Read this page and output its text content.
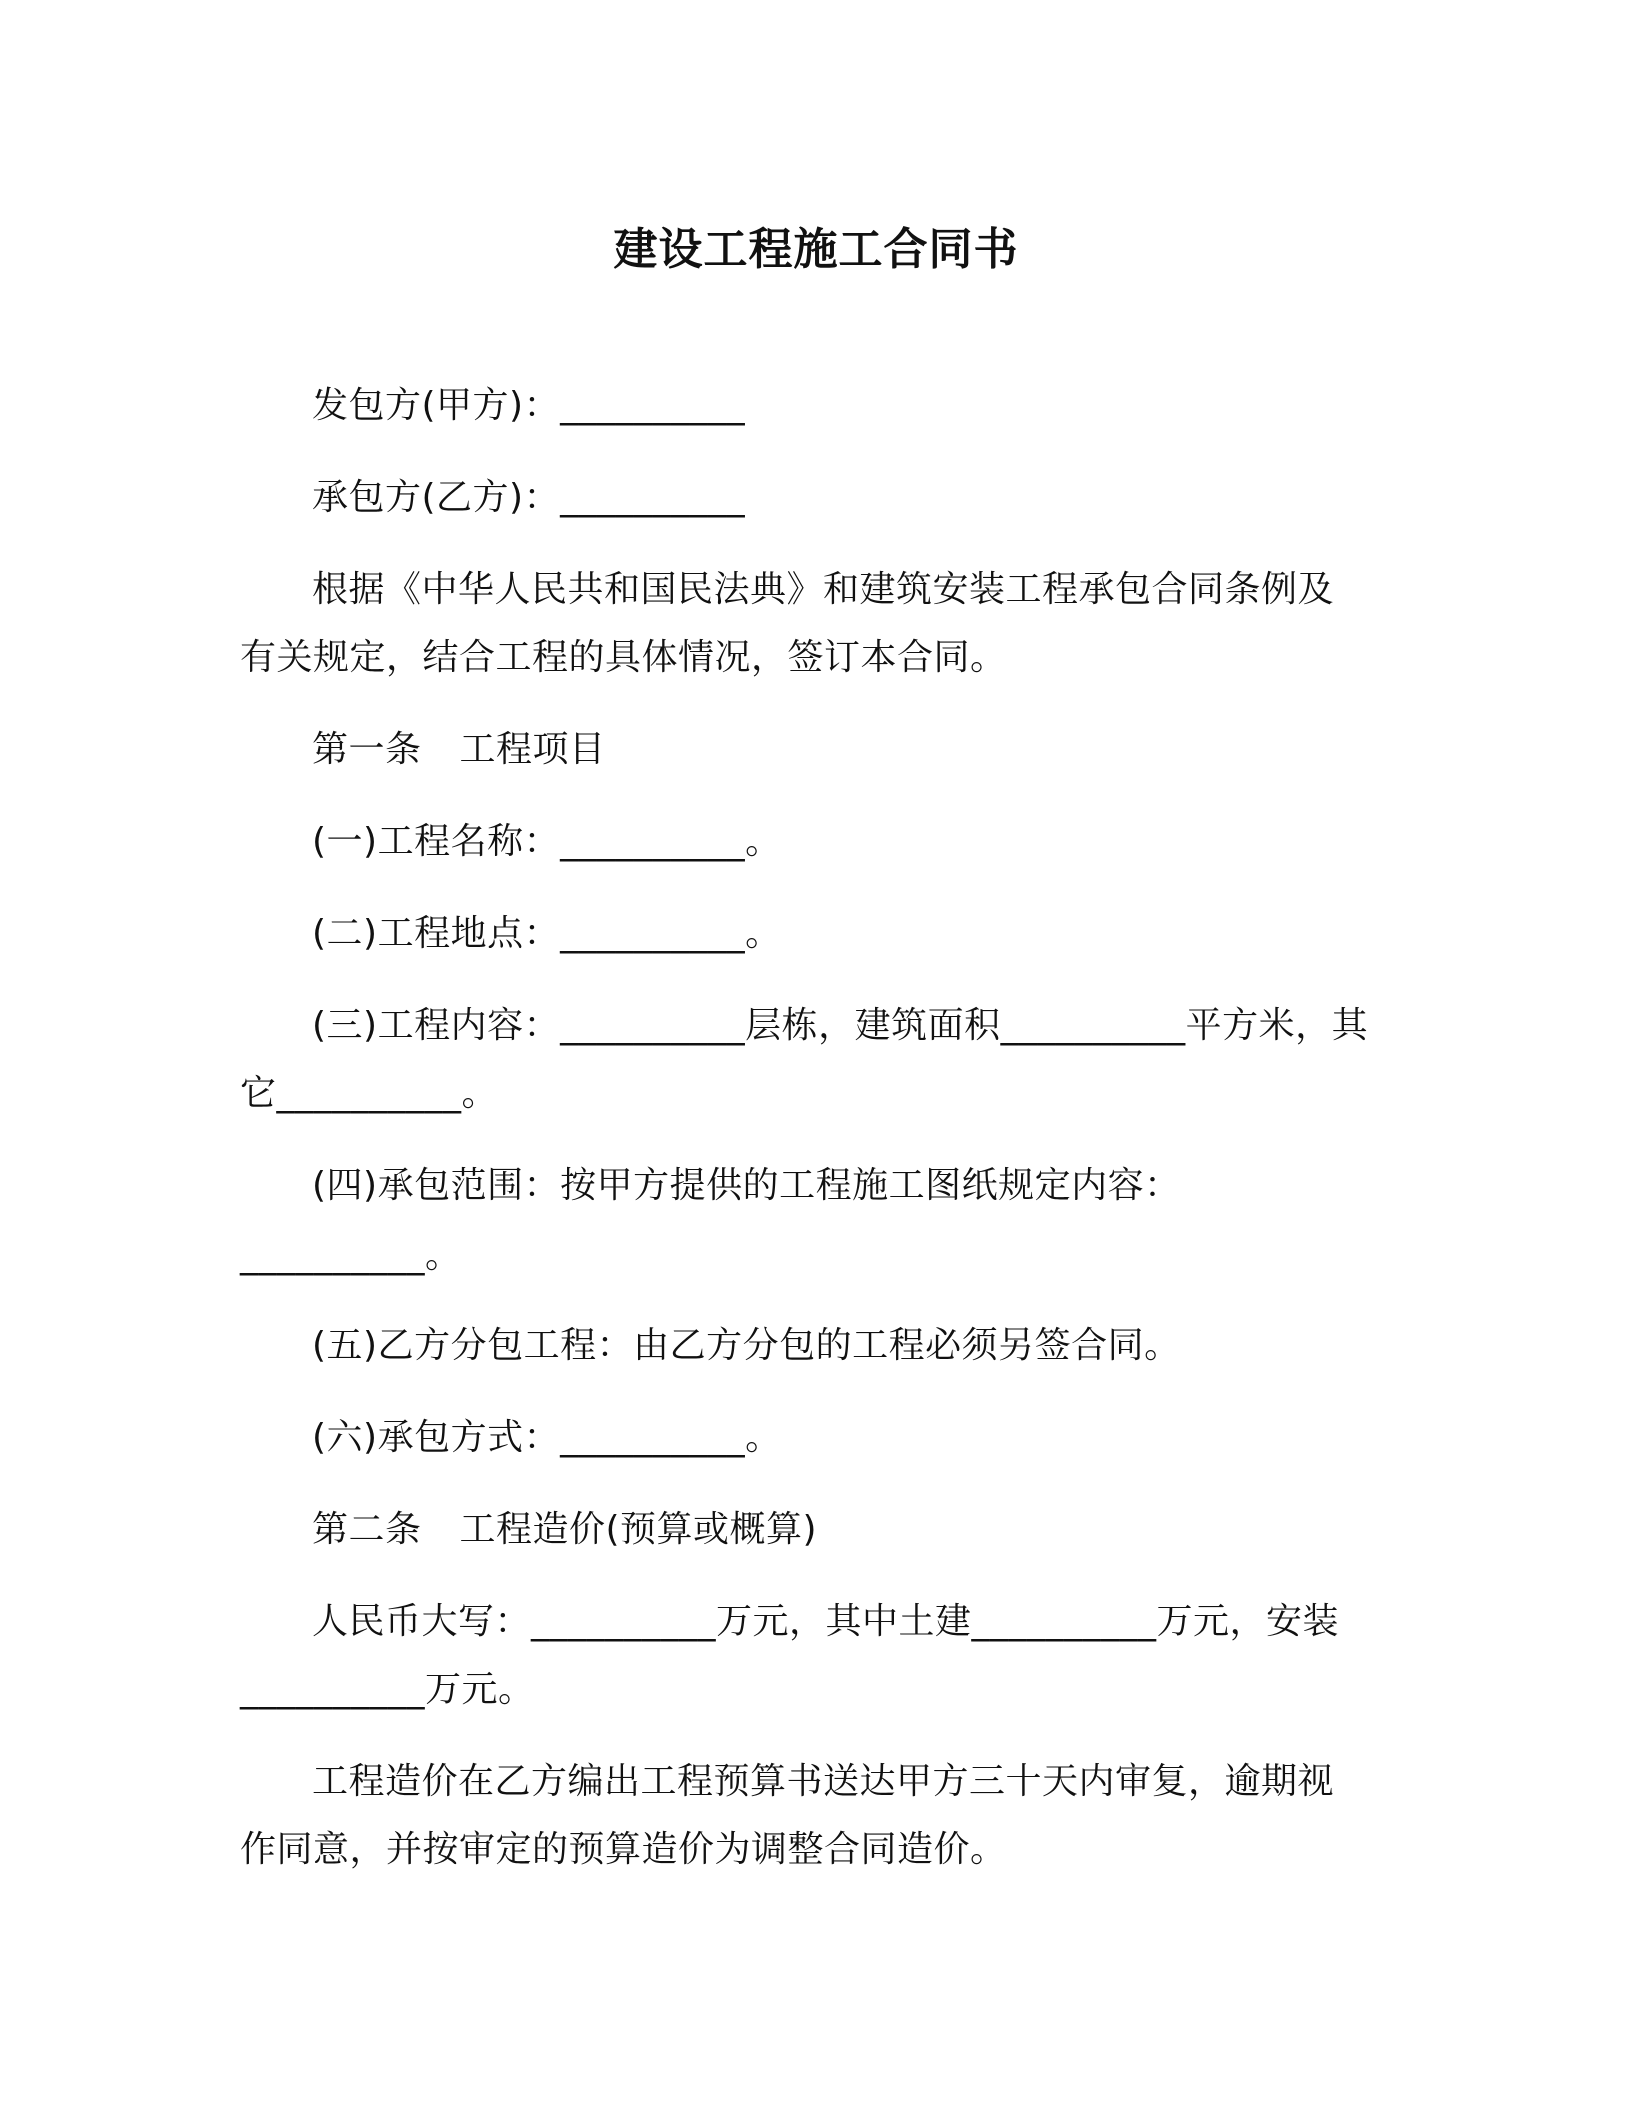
建设工程施工合同书
发包方(甲方)：__________
承包方(乙方)：__________
根据《中华人民共和国民法典》和建筑安装工程承包合同条例及
有关规定，结合工程的具体情况，签订本合同。
第一条 工程项目
(一)工程名称：__________。
(二)工程地点：__________。
(三)工程内容：__________层栋，建筑面积__________平方米，其
它__________。
(四)承包范围：按甲方提供的工程施工图纸规定内容：
__________。
(五)乙方分包工程：由乙方分包的工程必须另签合同。
(六)承包方式：__________。
第二条 工程造价(预算或概算)
人民币大写：__________万元，其中土建__________万元，安装
__________万元。
工程造价在乙方编出工程预算书送达甲方三十天内审复，逾期视
作同意，并按审定的预算造价为调整合同造价。
